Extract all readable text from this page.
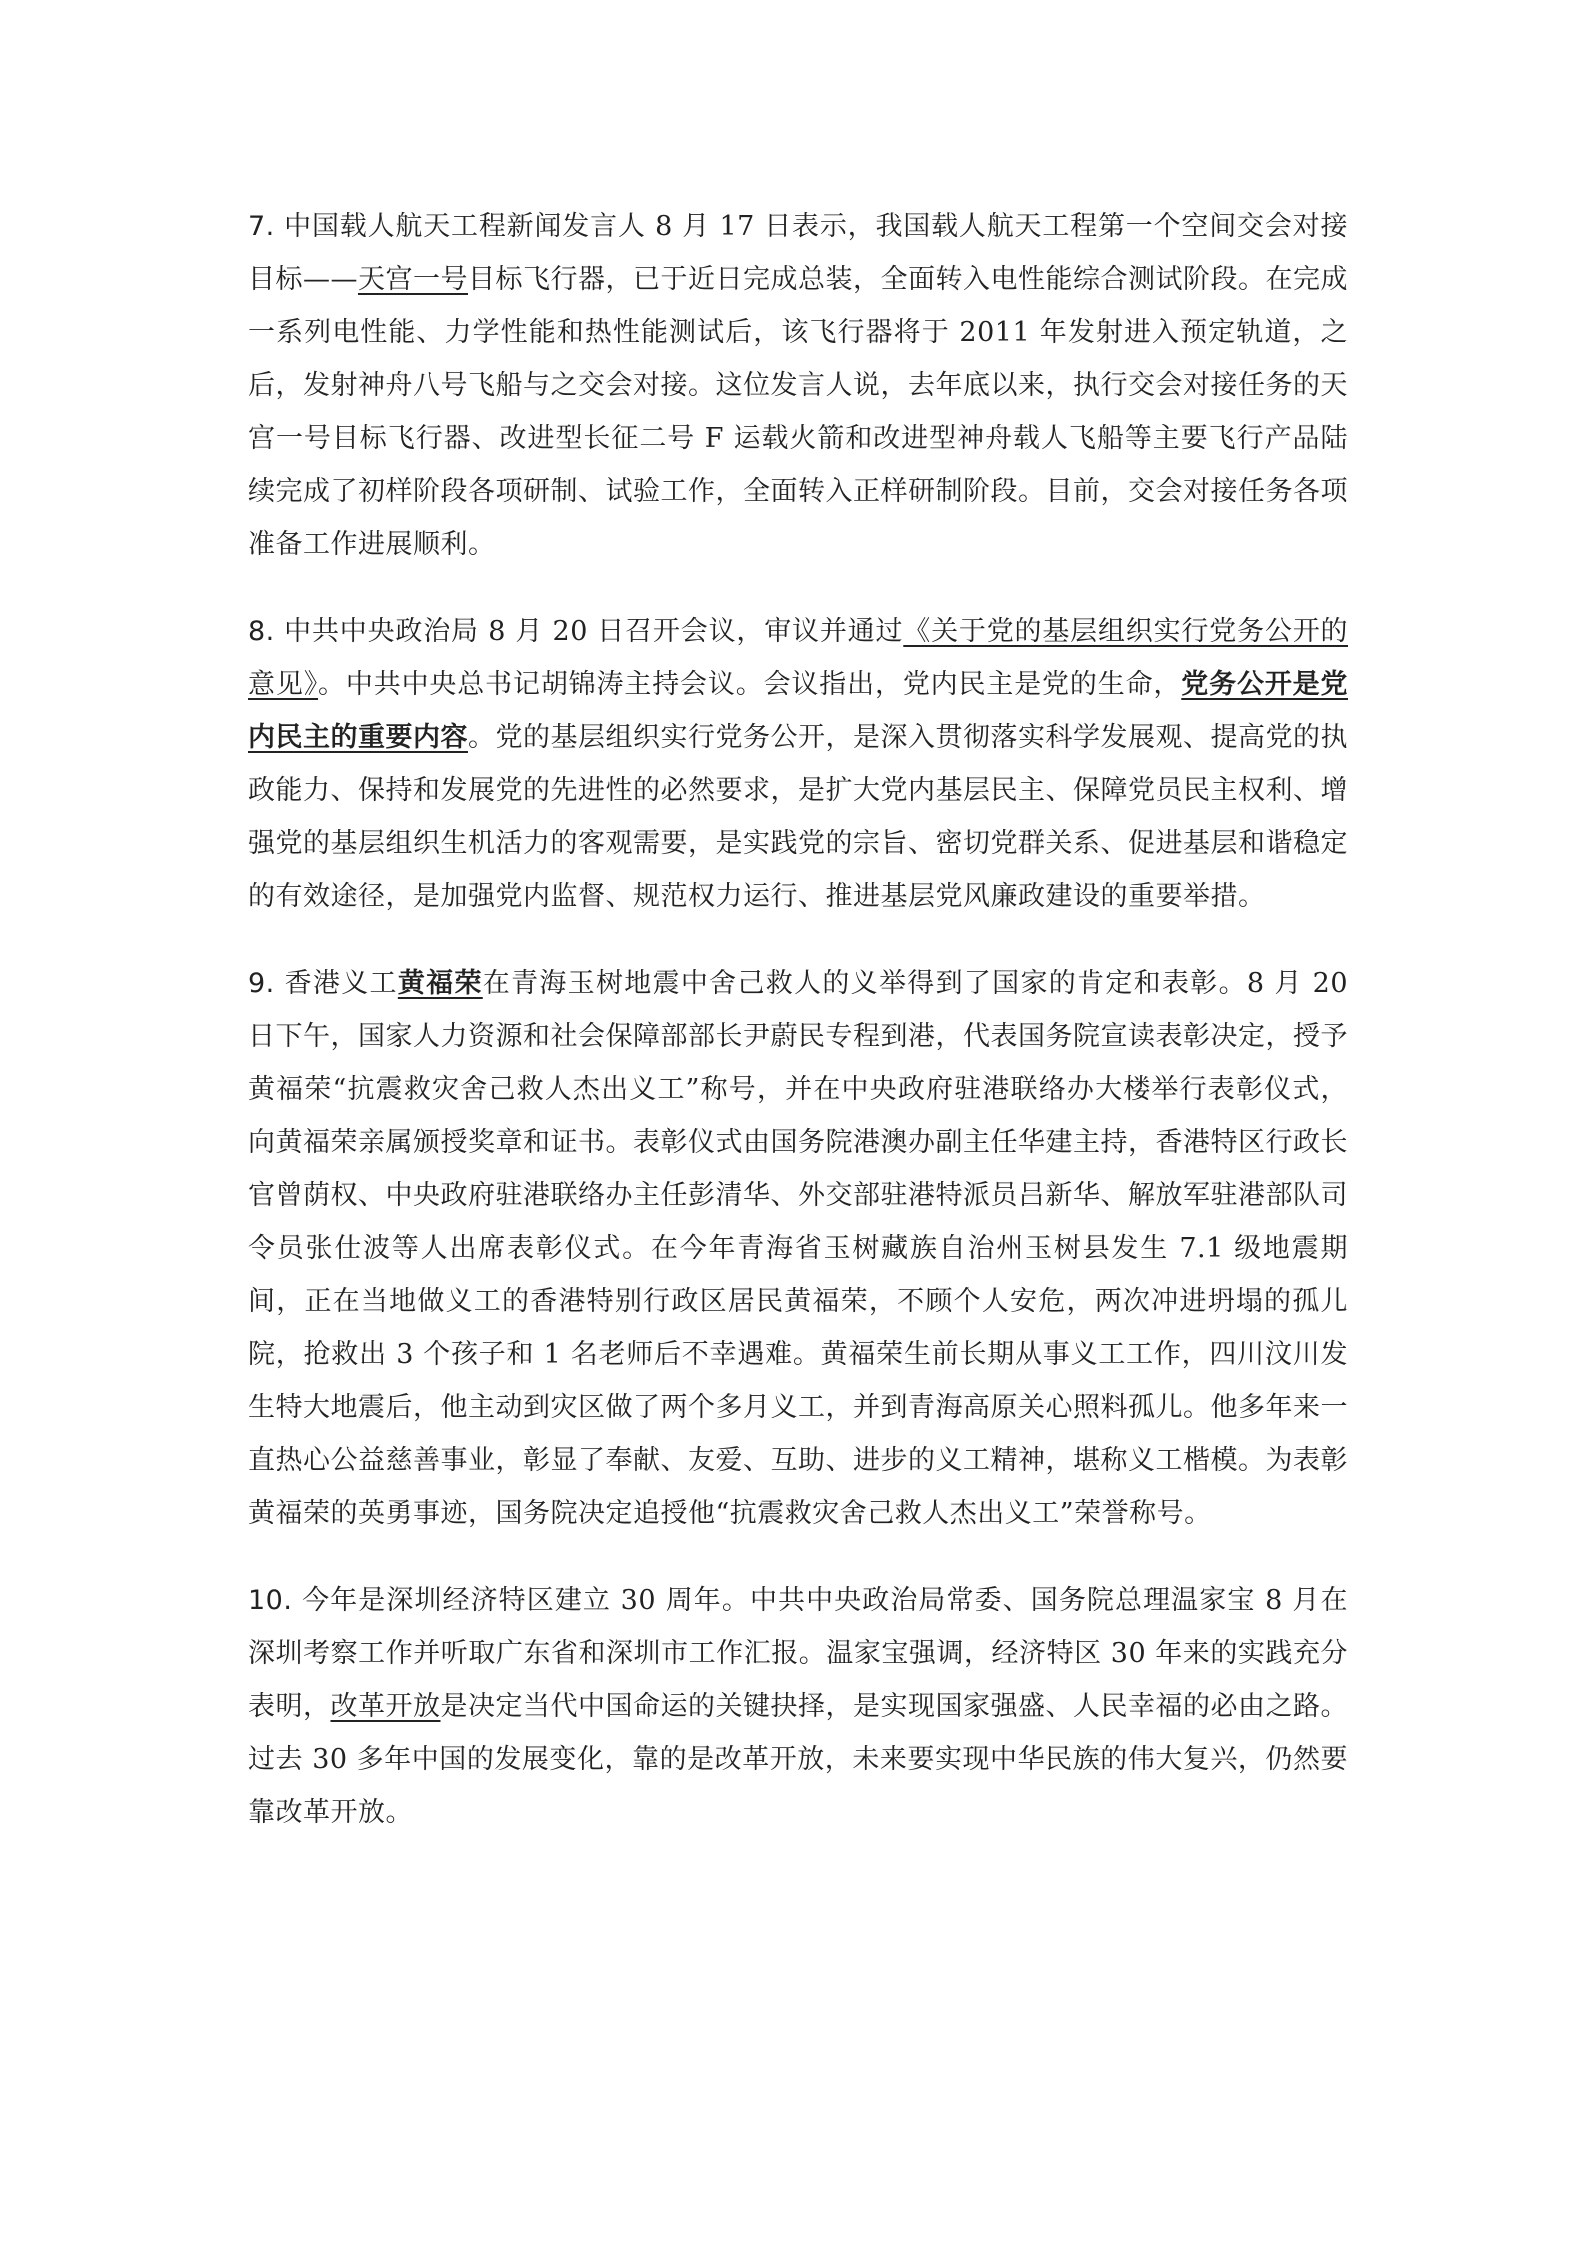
7. 中国载人航天工程新闻发言人 8 月 17 日表示，我国载人航天工程第一个空间交会对接目标——天宫一号目标飞行器，已于近日完成总装，全面转入电性能综合测试阶段。在完成一系列电性能、力学性能和热性能测试后，该飞行器将于 2011 年发射进入预定轨道，之后，发射神舟八号飞船与之交会对接。这位发言人说，去年底以来，执行交会对接任务的天宫一号目标飞行器、改进型长征二号 F 运载火箭和改进型神舟载人飞船等主要飞行产品陆续完成了初样阶段各项研制、试验工作，全面转入正样研制阶段。目前，交会对接任务各项准备工作进展顺利。

8. 中共中央政治局 8 月 20 日召开会议，审议并通过《关于党的基层组织实行党务公开的意见》。中共中央总书记胡锦涛主持会议。会议指出，党内民主是党的生命，党务公开是党内民主的重要内容。党的基层组织实行党务公开，是深入贯彻落实科学发展观、提高党的执政能力、保持和发展党的先进性的必然要求，是扩大党内基层民主、保障党员民主权利、增强党的基层组织生机活力的客观需要，是实践党的宗旨、密切党群关系、促进基层和谐稳定的有效途径，是加强党内监督、规范权力运行、推进基层党风廉政建设的重要举措。

9. 香港义工黄福荣在青海玉树地震中舍己救人的义举得到了国家的肯定和表彰。8 月 20 日下午，国家人力资源和社会保障部部长尹蔚民专程到港，代表国务院宣读表彰决定，授予黄福荣“抗震救灾舍己救人杰出义工”称号，并在中央政府驻港联络办大楼举行表彰仪式，向黄福荣亲属颁授奖章和证书。表彰仪式由国务院港澳办副主任华建主持，香港特区行政长官曾荫权、中央政府驻港联络办主任彭清华、外交部驻港特派员吕新华、解放军驻港部队司令员张仕波等人出席表彰仪式。在今年青海省玉树藏族自治州玉树县发生 7.1 级地震期间，正在当地做义工的香港特别行政区居民黄福荣，不顾个人安危，两次冲进坍塌的孤儿院，抢救出 3 个孩子和 1 名老师后不幸遇难。黄福荣生前长期从事义工工作，四川汶川发生特大地震后，他主动到灾区做了两个多月义工，并到青海高原关心照料孤儿。他多年来一直热心公益慈善事业，彰显了奉献、友爱、互助、进步的义工精神，堪称义工楷模。为表彰黄福荣的英勇事迹，国务院决定追授他“抗震救灾舍己救人杰出义工”荣誉称号。

10. 今年是深圳经济特区建立 30 周年。中共中央政治局常委、国务院总理温家宝 8 月在深圳考察工作并听取广东省和深圳市工作汇报。温家宝强调，经济特区 30 年来的实践充分表明，改革开放是决定当代中国命运的关键抉择，是实现国家强盛、人民幸福的必由之路。过去 30 多年中国的发展变化，靠的是改革开放，未来要实现中华民族的伟大复兴，仍然要靠改革开放。
